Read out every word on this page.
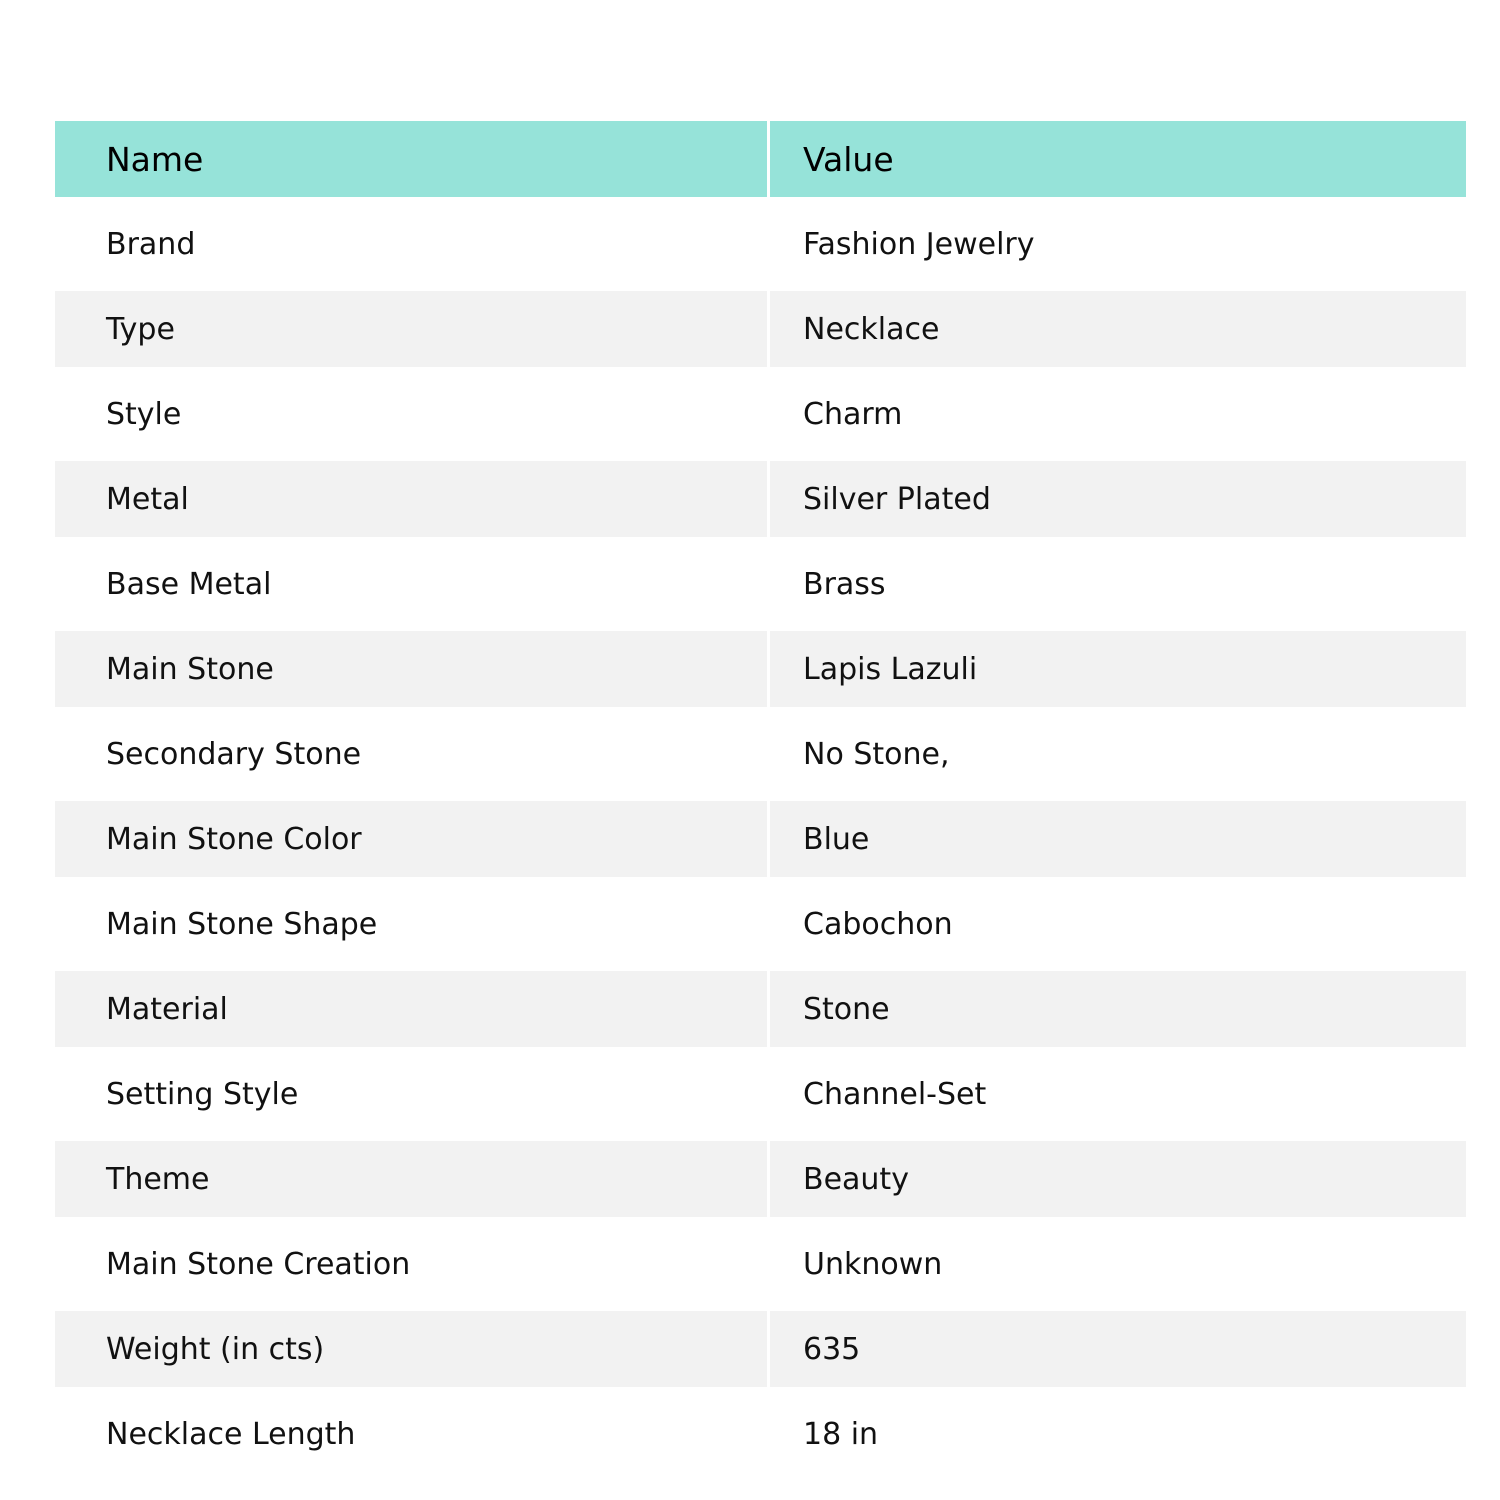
Name	Value
Brand	Fashion Jewelry
Type	Necklace
Style	Charm
Metal	Silver Plated
Base Metal	Brass
Main Stone	Lapis Lazuli
Secondary Stone	No Stone,
Main Stone Color	Blue
Main Stone Shape	Cabochon
Material	Stone
Setting Style	Channel-Set
Theme	Beauty
Main Stone Creation	Unknown
Weight (in cts)	635
Necklace Length	18 in
